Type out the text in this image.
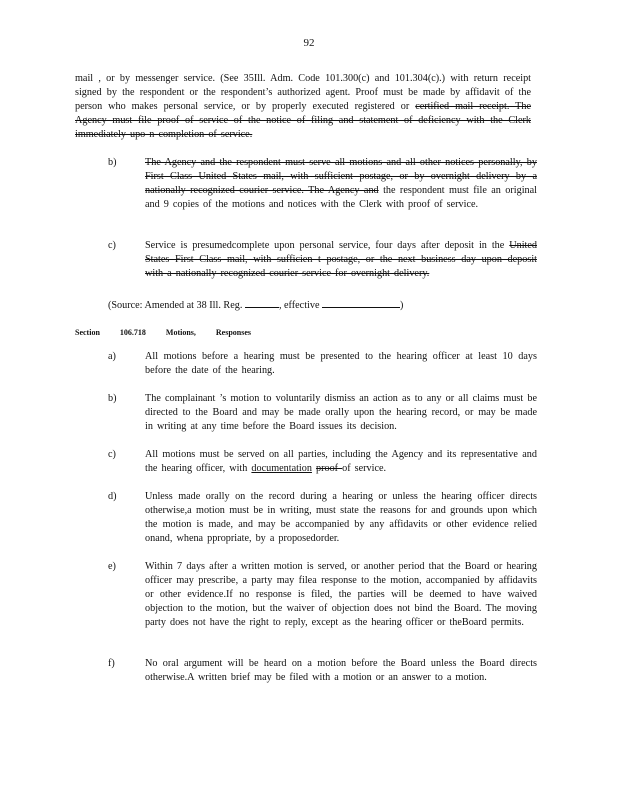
92
mail , or by messenger service. (See 35Ill. Adm. Code 101.300(c) and 101.304(c).) with return receipt signed by the respondent or the respondent’s authorized agent. Proof must be made by affidavit of the person who makes personal service, or by properly executed registered or certified mail receipt. The Agency must file proof of service of the notice of filing and statement of deficiency with the Clerk immediately upo n completion of service.
b)	The Agency and the respondent must serve all motions and all other notices personally, by First Class United States mail, with sufficient postage, or by overnight delivery by a nationally recognized courier service. The Agency and the respondent must file an original and 9 copies of the motions and notices with the Clerk with proof of service.
c)	Service is presumedcomplete upon personal service, four days after deposit in the United States First Class mail, with sufficien t postage, or the next business day upon deposit with a nationally recognized courier service for overnight delivery.
(Source: Amended at 38 Ill. Reg.	, effective	)
Section	106.718	Motions,	Responses
a)	All motions before a hearing must be presented to the hearing officer at least 10 days before the date of the hearing.
b)	The complainant ’s motion to voluntarily dismiss an action as to any or all claims must be directed to the Board and may be made orally upon the hearing record, or may be made in writing at any time before the Board issues its decision.
c)	All motions must be served on all parties, including the Agency and its representative and the hearing officer, with documentation proof of service.
d)	Unless made orally on the record during a hearing or unless the hearing officer directs otherwise,a motion must be in writing, must state the reasons for and grounds upon which the motion is made, and may be accompanied by any affidavits or other evidence relied onand, whena ppropriate, by a proposedorder.
e)	Within 7 days after a written motion is served, or another period that the Board or hearing officer may prescribe, a party may filea response to the motion, accompanied by affidavits or other evidence.If no response is filed, the parties will be deemed to have waived objection to the motion, but the waiver of objection does not bind the Board. The moving party does not have the right to reply, except as the hearing officer or theBoard permits.
f)	No oral argument will be heard on a motion before the Board unless the Board directs otherwise.A written brief may be filed with a motion or an answer to a motion.
